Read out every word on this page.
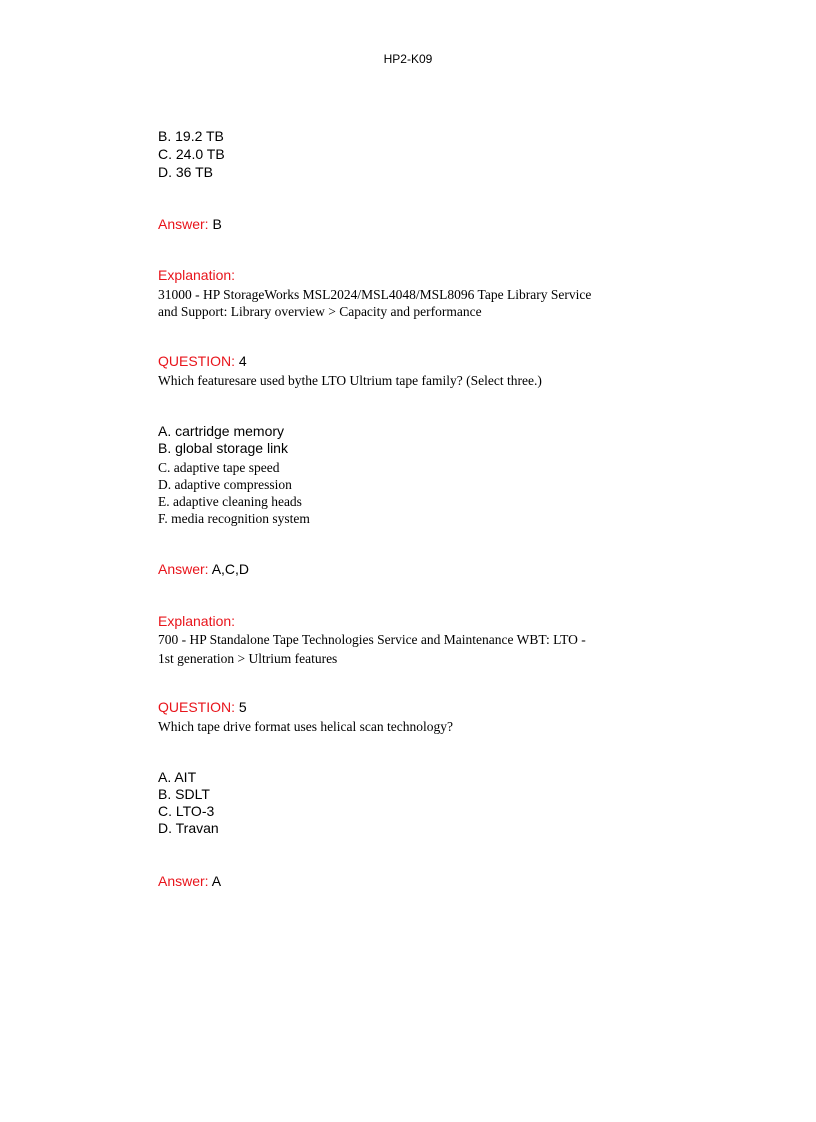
HP2-K09
B. 19.2 TB
C. 24.0 TB
D. 36 TB
Answer: B
Explanation:
31000 - HP StorageWorks MSL2024/MSL4048/MSL8096 Tape Library Service
and Support: Library overview > Capacity and performance
QUESTION: 4
Which featuresare used bythe LTO Ultrium tape family? (Select three.)
A. cartridge memory
B. global storage link
C. adaptive tape speed
D. adaptive compression
E. adaptive cleaning heads
F. media recognition system
Answer: A,C,D
Explanation:
700 - HP Standalone Tape Technologies Service and Maintenance WBT: LTO -
1st generation > Ultrium features
QUESTION: 5
Which tape drive format uses helical scan technology?
A. AIT
B. SDLT
C. LTO-3
D. Travan
Answer: A
